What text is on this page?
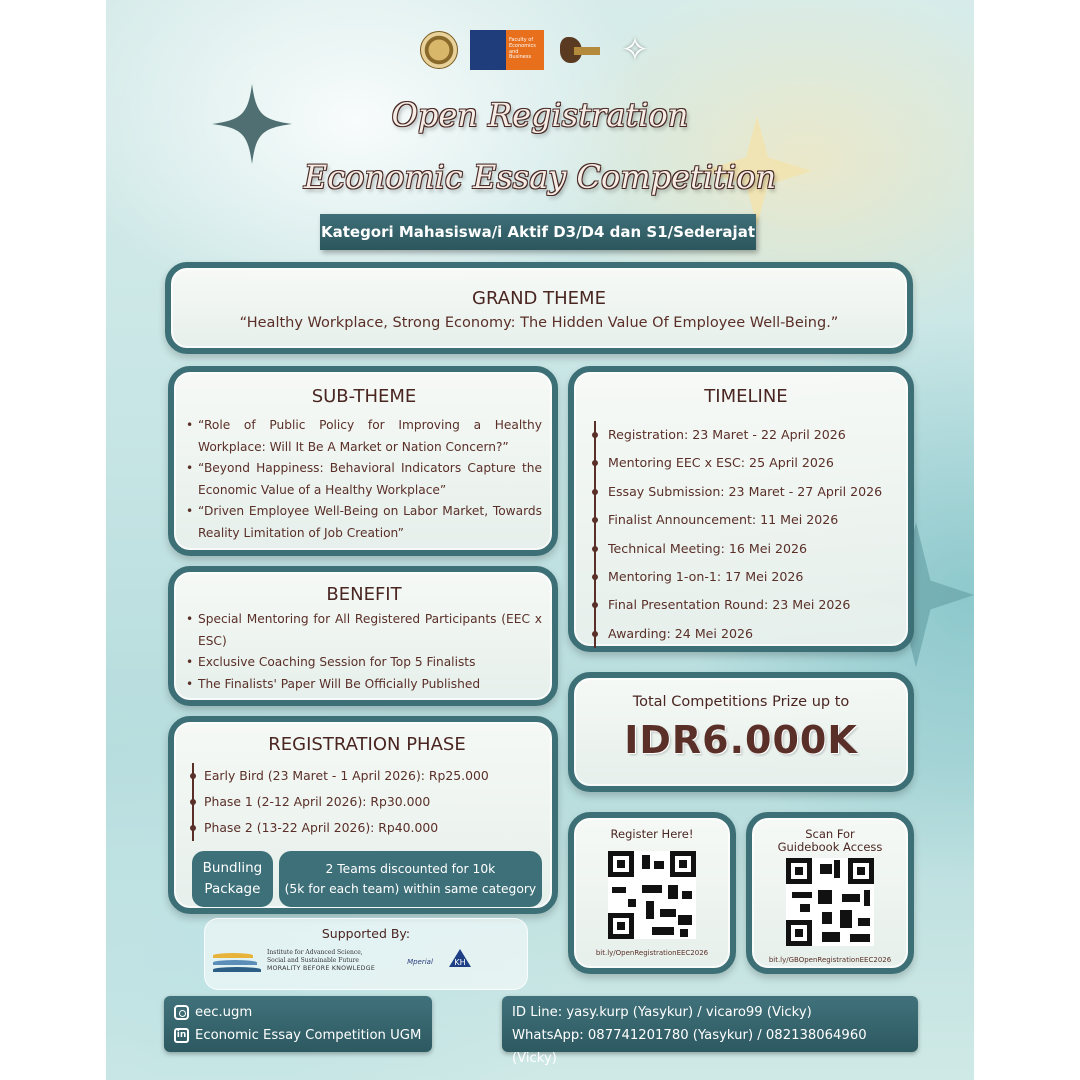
Faculty of Economics and Business	✧
Open Registration
Economic Essay Competition
Kategori Mahasiswa/i Aktif D3/D4 dan S1/Sederajat
GRAND THEME
“Healthy Workplace, Strong Economy: The Hidden Value Of Employee Well-Being.”
SUB-THEME
• “Role of Public Policy for Improving a Healthy Workplace: Will It Be A Market or Nation Concern?”
• “Beyond Happiness: Behavioral Indicators Capture the Economic Value of a Healthy Workplace”
• “Driven Employee Well-Being on Labor Market, Towards Reality Limitation of Job Creation”
BENEFIT
• Special Mentoring for All Registered Participants (EEC x ESC)
• Exclusive Coaching Session for Top 5 Finalists
• The Finalists' Paper Will Be Officially Published
REGISTRATION PHASE
Early Bird (23 Maret - 1 April 2026): Rp25.000
Phase 1 (2-12 April 2026): Rp30.000
Phase 2 (13-22 April 2026): Rp40.000
Bundling
Package
2 Teams discounted for 10k
(5k for each team) within same category
TIMELINE
Registration: 23 Maret - 22 April 2026
Mentoring EEC x ESC: 25 April 2026
Essay Submission: 23 Maret - 27 April 2026
Finalist Announcement: 11 Mei 2026
Technical Meeting: 16 Mei 2026
Mentoring 1-on-1: 17 Mei 2026
Final Presentation Round: 23 Mei 2026
Awarding: 24 Mei 2026
Total Competitions Prize up to
IDR6.000K
Register Here!
bit.ly/OpenRegistrationEEC2026
Scan For
Guidebook Access
bit.ly/GBOpenRegistrationEEC2026
Supported By:
Institute for Advanced Science,
Social and Sustainable Future
MORALITY BEFORE KNOWLEDGE
Mperial	KH
eec.ugm
in Economic Essay Competition UGM
ID Line: yasy.kurp (Yasykur) / vicaro99 (Vicky)
WhatsApp: 087741201780 (Yasykur) / 082138064960 (Vicky)
